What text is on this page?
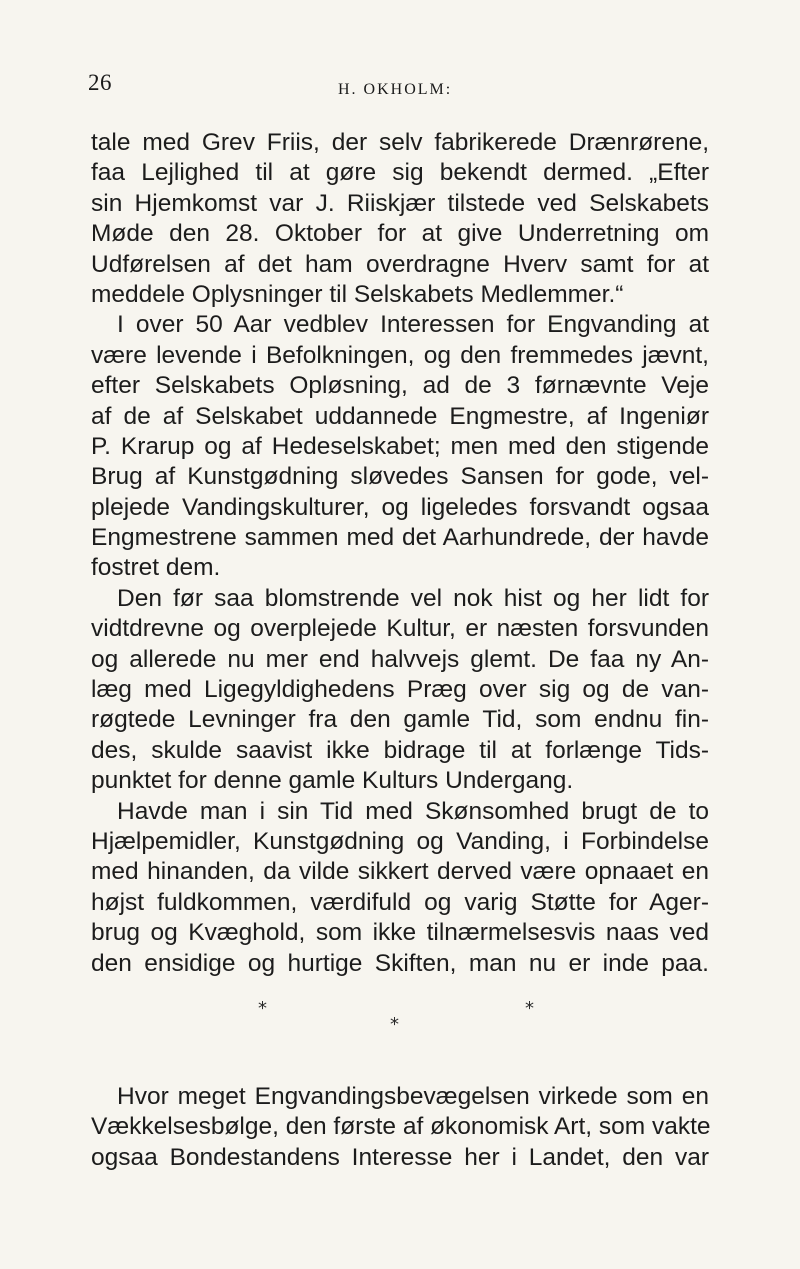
26	H. OKHOLM:
tale med Grev Friis, der selv fabrikerede Drænrørene,
faa Lejlighed til at gøre sig bekendt dermed. „Efter
sin Hjemkomst var J. Riiskjær tilstede ved Selskabets
Møde den 28. Oktober for at give Underretning om
Udførelsen af det ham overdragne Hverv samt for at
meddele Oplysninger til Selskabets Medlemmer.“
I over 50 Aar vedblev Interessen for Engvanding at
være levende i Befolkningen, og den fremmedes jævnt,
efter Selskabets Opløsning, ad de 3 førnævnte Veje
af de af Selskabet uddannede Engmestre, af Ingeniør
P. Krarup og af Hedeselskabet; men med den stigende
Brug af Kunstgødning sløvedes Sansen for gode, vel-
plejede Vandingskulturer, og ligeledes forsvandt ogsaa
Engmestrene sammen med det Aarhundrede, der havde
fostret dem.
Den før saa blomstrende vel nok hist og her lidt for
vidtdrevne og overplejede Kultur, er næsten forsvunden
og allerede nu mer end halvvejs glemt. De faa ny An-
læg med Ligegyldighedens Præg over sig og de van-
røgtede Levninger fra den gamle Tid, som endnu fin-
des, skulde saavist ikke bidrage til at forlænge Tids-
punktet for denne gamle Kulturs Undergang.
Havde man i sin Tid med Skønsomhed brugt de to
Hjælpemidler, Kunstgødning og Vanding, i Forbindelse
med hinanden, da vilde sikkert derved være opnaaet en
højst fuldkommen, værdifuld og varig Støtte for Ager-
brug og Kvæghold, som ikke tilnærmelsesvis naas ved
den ensidige og hurtige Skiften, man nu er inde paa.
*	*
*
Hvor meget Engvandingsbevægelsen virkede som en
Vækkelsesbølge, den første af økonomisk Art, som vakte
ogsaa Bondestandens Interesse her i Landet, den var
